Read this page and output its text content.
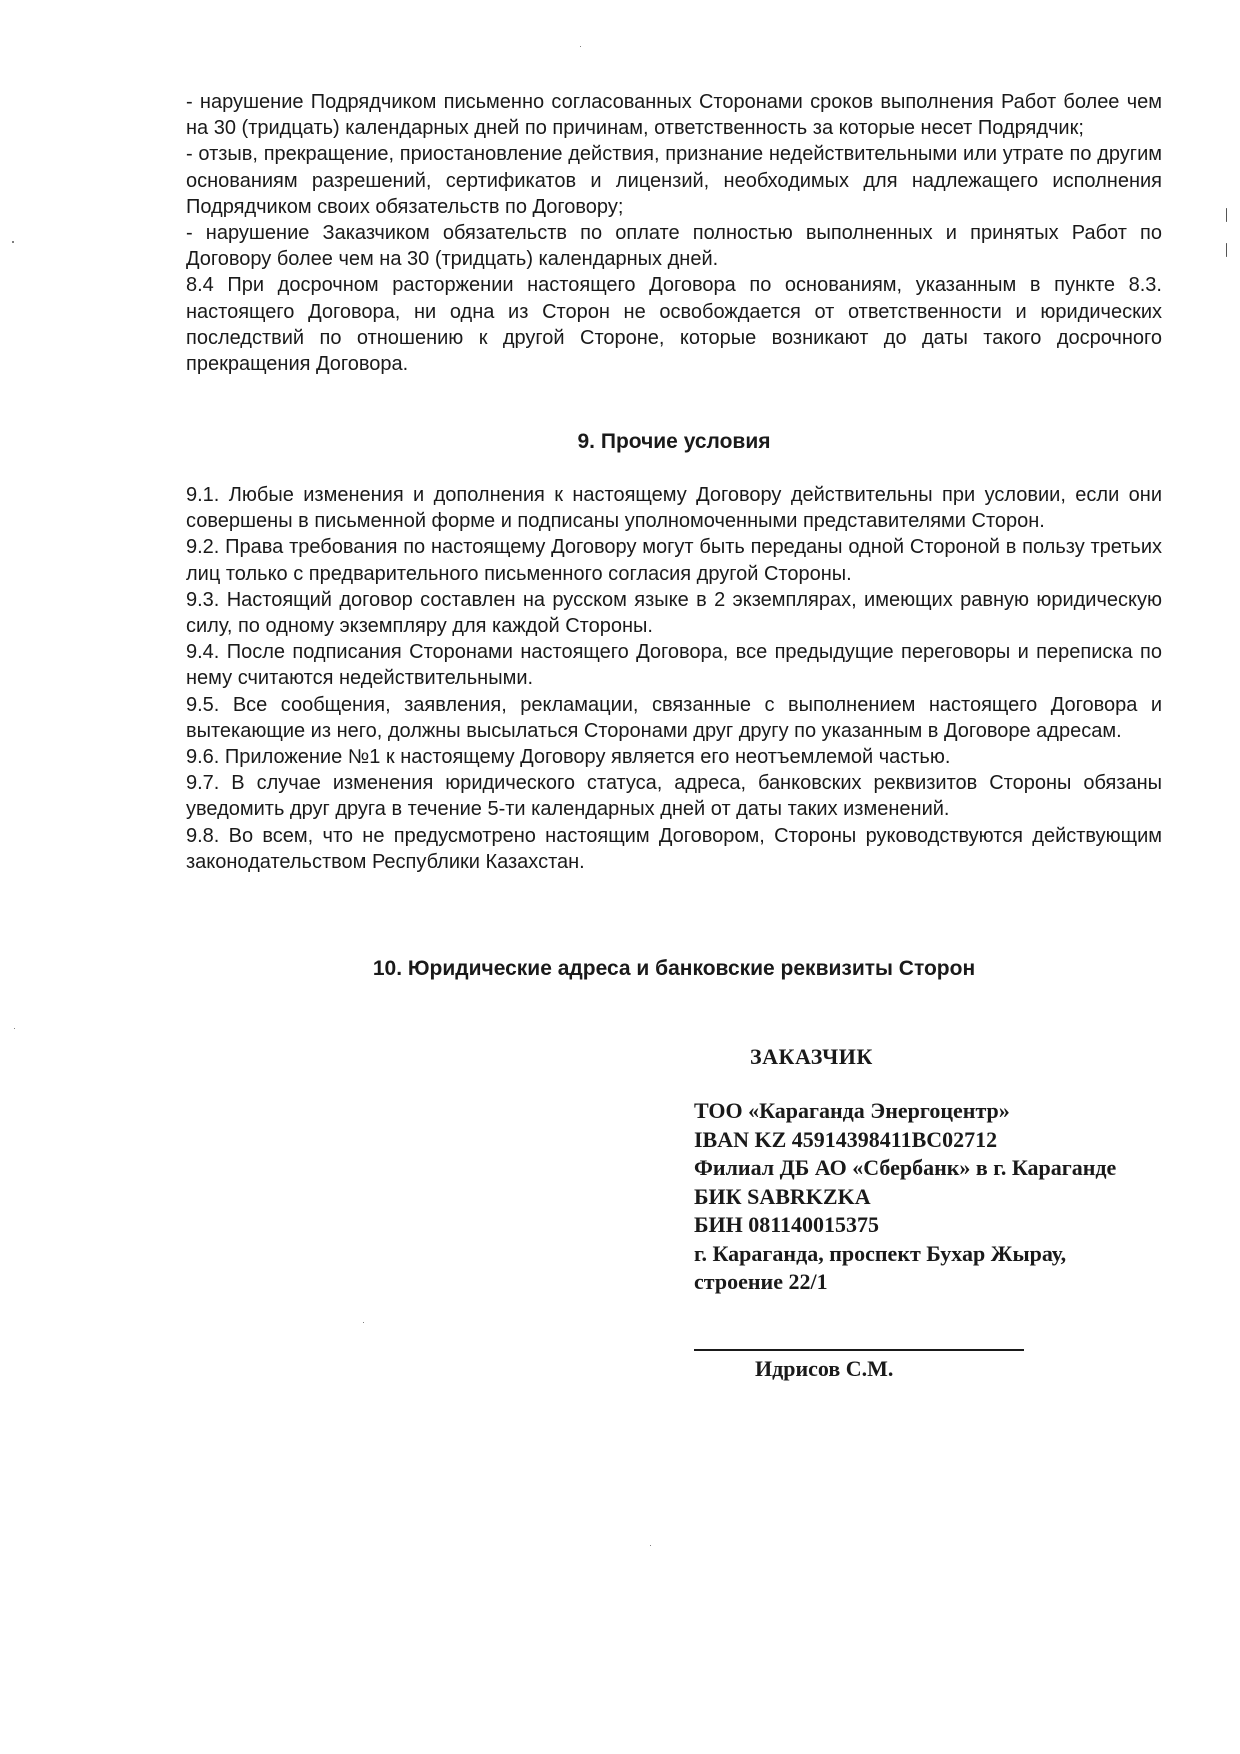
- нарушение Подрядчиком письменно согласованных Сторонами сроков выполнения Работ более чем на 30 (тридцать) календарных дней по причинам, ответственность за которые несет Подрядчик;

- отзыв, прекращение, приостановление действия, признание недействительными или утрате по другим основаниям разрешений, сертификатов и лицензий, необходимых для надлежащего исполнения Подрядчиком своих обязательств по Договору;

- нарушение Заказчиком обязательств по оплате полностью выполненных и принятых Работ по Договору более чем на 30 (тридцать) календарных дней.

8.4 При досрочном расторжении настоящего Договора по основаниям, указанным в пункте 8.3. настоящего Договора, ни одна из Сторон не освобождается от ответственности и юридических последствий по отношению к другой Стороне, которые возникают до даты такого досрочного прекращения Договора.

9. Прочие условия

9.1. Любые изменения и дополнения к настоящему Договору действительны при условии, если они совершены в письменной форме и подписаны уполномоченными представителями Сторон.

9.2. Права требования по настоящему Договору могут быть переданы одной Стороной в пользу третьих лиц только с предварительного письменного согласия другой Стороны.

9.3. Настоящий договор составлен на русском языке в 2 экземплярах, имеющих равную юридическую силу, по одному экземпляру для каждой Стороны.

9.4. После подписания Сторонами настоящего Договора, все предыдущие переговоры и переписка по нему считаются недействительными.

9.5. Все сообщения, заявления, рекламации, связанные с выполнением настоящего Договора и вытекающие из него, должны высылаться Сторонами друг другу по указанным в Договоре адресам.

9.6. Приложение №1 к настоящему Договору является его неотъемлемой частью.

9.7. В случае изменения юридического статуса, адреса, банковских реквизитов Стороны обязаны уведомить друг друга в течение 5-ти календарных дней от даты таких изменений.

9.8. Во всем, что не предусмотрено настоящим Договором, Стороны руководствуются действующим законодательством Республики Казахстан.

10. Юридические адреса и банковские реквизиты Сторон
ЗАКАЗЧИК
ТОО «Караганда Энергоцентр»
IBAN KZ 45914398411BC02712
Филиал ДБ АО «Сбербанк» в г. Караганде
БИК SABRKZKA
БИН 081140015375
г. Караганда, проспект Бухар Жырау,
строение 22/1
Идрисов С.М.
